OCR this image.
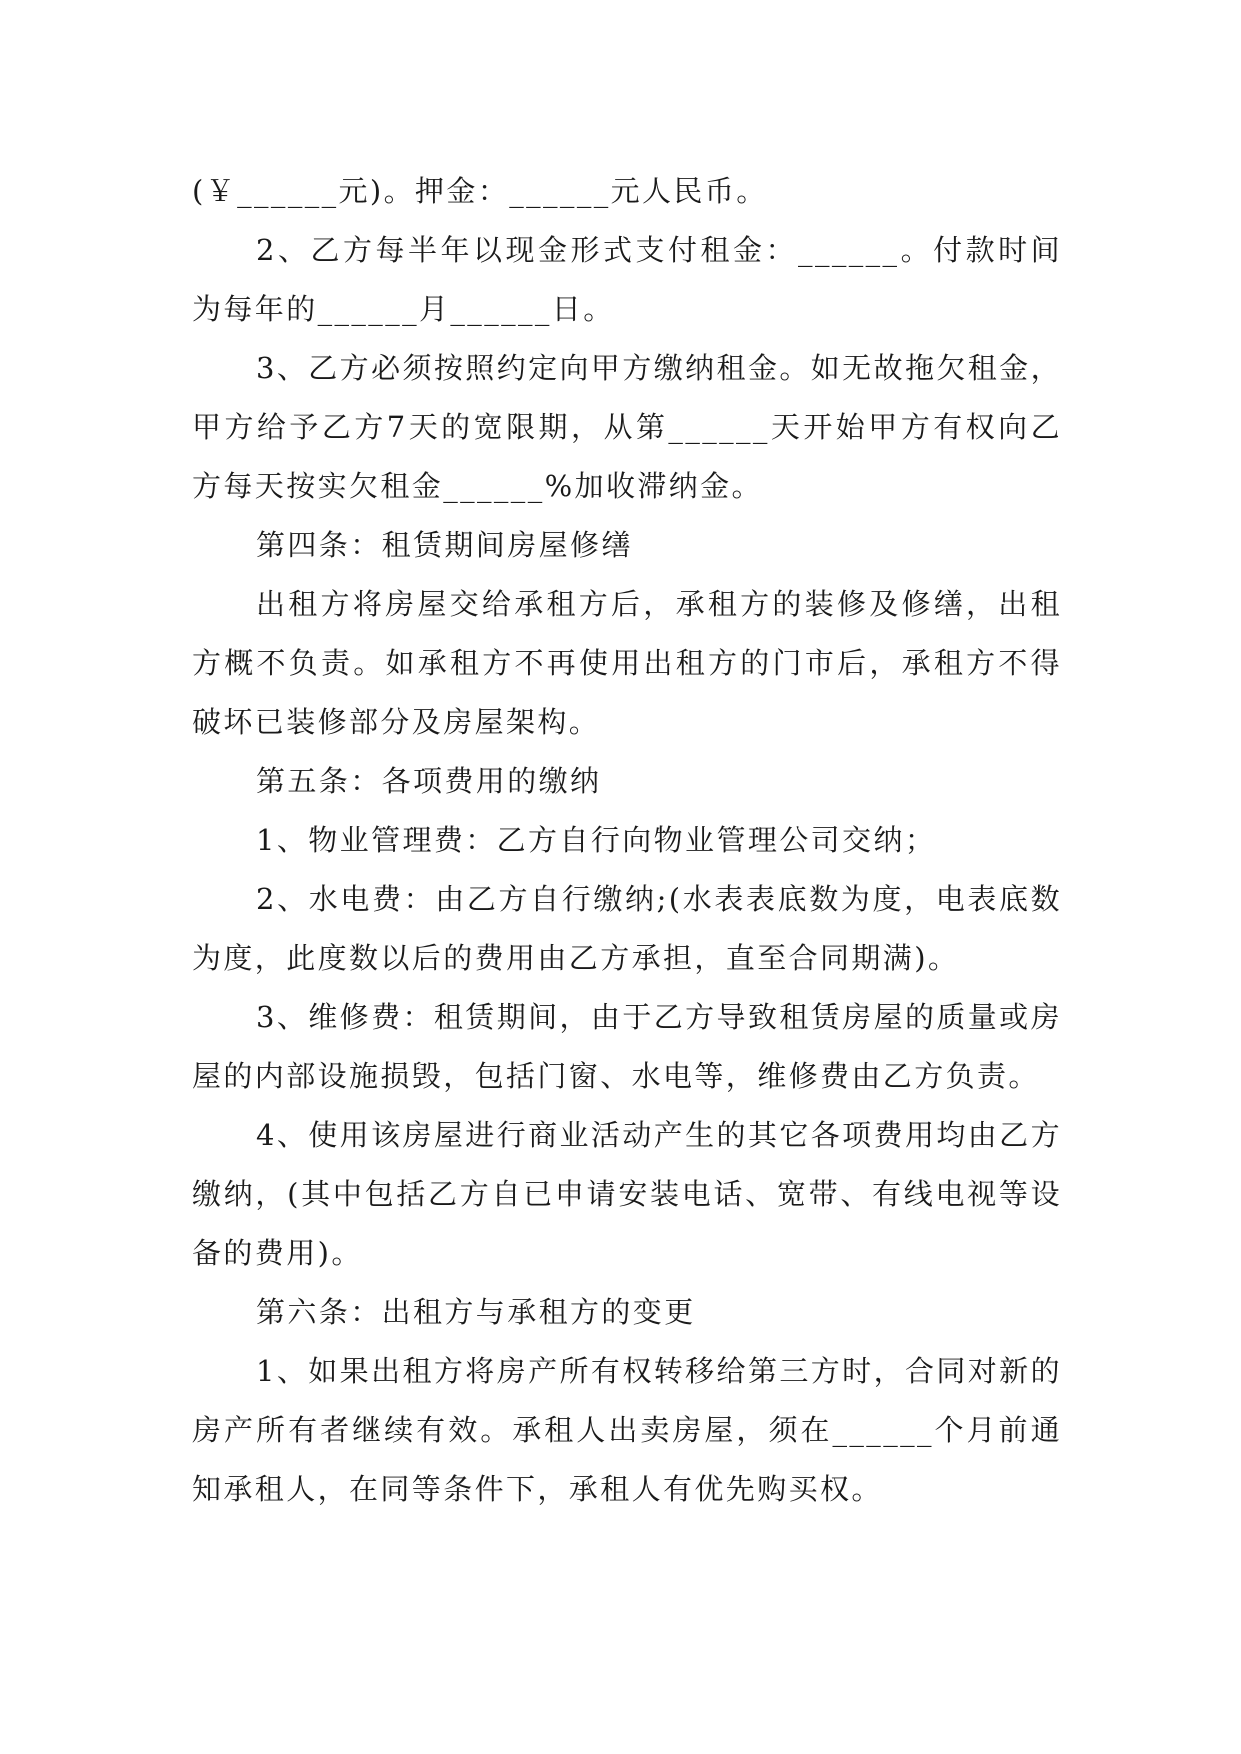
(￥______元)。押金：______元人民币。

2、乙方每半年以现金形式支付租金：______。付款时间为每年的______月______日。

3、乙方必须按照约定向甲方缴纳租金。如无故拖欠租金，甲方给予乙方7天的宽限期，从第______天开始甲方有权向乙方每天按实欠租金______%加收滞纳金。

第四条：租赁期间房屋修缮

出租方将房屋交给承租方后，承租方的装修及修缮，出租方概不负责。如承租方不再使用出租方的门市后，承租方不得破坏已装修部分及房屋架构。

第五条：各项费用的缴纳

1、物业管理费：乙方自行向物业管理公司交纳；

2、水电费：由乙方自行缴纳;(水表表底数为度，电表底数为度，此度数以后的费用由乙方承担，直至合同期满)。

3、维修费：租赁期间，由于乙方导致租赁房屋的质量或房屋的内部设施损毁，包括门窗、水电等，维修费由乙方负责。

4、使用该房屋进行商业活动产生的其它各项费用均由乙方缴纳，(其中包括乙方自已申请安装电话、宽带、有线电视等设备的费用)。

第六条：出租方与承租方的变更

1、如果出租方将房产所有权转移给第三方时，合同对新的房产所有者继续有效。承租人出卖房屋，须在______个月前通知承租人，在同等条件下，承租人有优先购买权。
